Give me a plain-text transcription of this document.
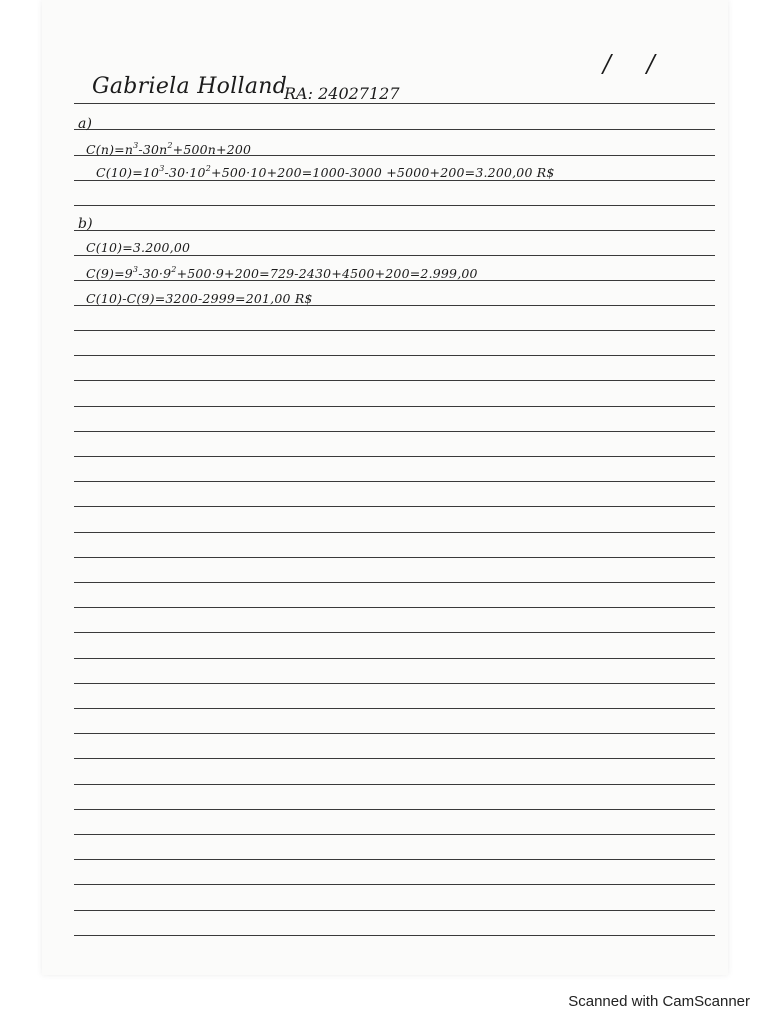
/ /
Gabriela Holland
RA: 24027127
a)
$C(n)=n^3-30n^2+500n+200$
$C(10)=10^3-30\cdot 10^2+500\cdot 10+200=1000-3000 +5000+200=3.200,00$ R$
b)
C(10)=3.200,00
$C(9)=9^3-30\cdot 9^2+500\cdot 9+200=729-2430+4500+200=2.999,00$
C(10)-C(9)=3200-2999=201,00 R$
Scanned with CamScanner
